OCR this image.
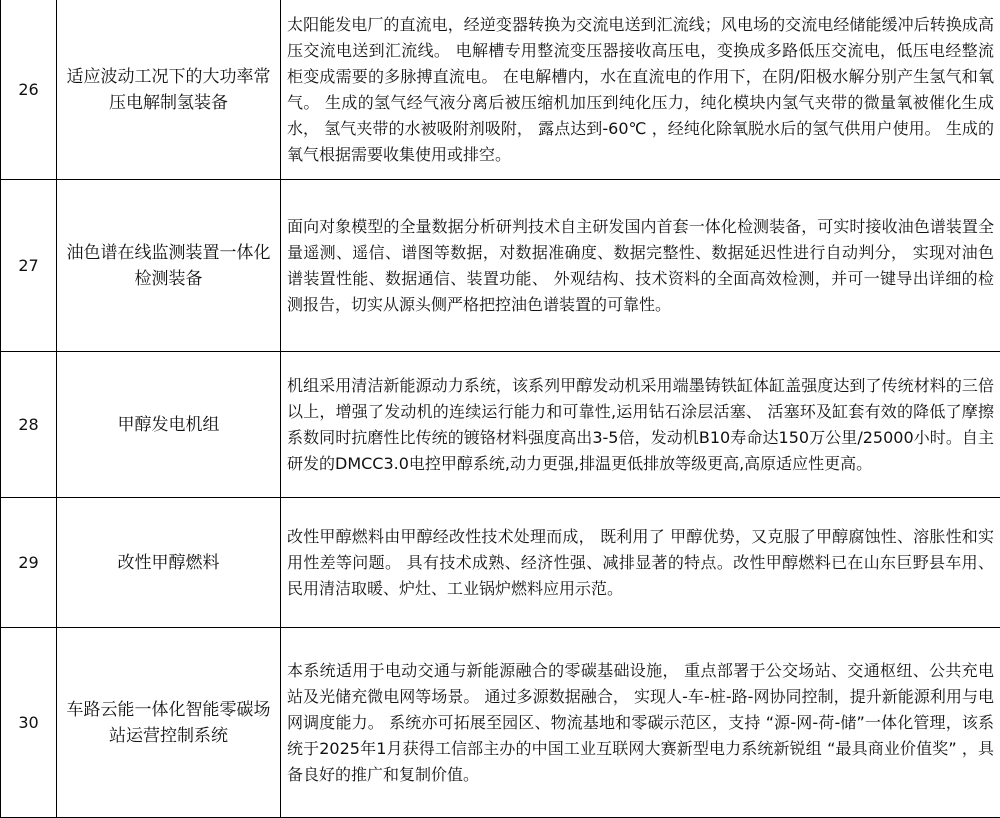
26	适应波动工况下的大功率常压电解制氢装备	太阳能发电厂的直流电，经逆变器转换为交流电送到汇流线；风电场的交流电经储能缓冲后转换成高压交流电送到汇流线。 电解槽专用整流变压器接收高压电，变换成多路低压交流电，低压电经整流柜变成需要的多脉搏直流电。 在电解槽内，水在直流电的作用下，在阴/阳极水解分别产生氢气和氧气。 生成的氢气经气液分离后被压缩机加压到纯化压力，纯化模块内氢气夹带的微量氧被催化生成水， 氢气夹带的水被吸附剂吸附， 露点达到-60℃ ，经纯化除氧脱水后的氢气供用户使用。 生成的氧气根据需要收集使用或排空。
27	油色谱在线监测装置一体化检测装备	面向对象模型的全量数据分析研判技术自主研发国内首套一体化检测装备，可实时接收油色谱装置全量遥测、遥信、谱图等数据，对数据准确度、数据完整性、数据延迟性进行自动判分， 实现对油色谱装置性能、数据通信、装置功能、 外观结构、技术资料的全面高效检测，并可一键导出详细的检测报告，切实从源头侧严格把控油色谱装置的可靠性。
28	甲醇发电机组	机组采用清洁新能源动力系统，该系列甲醇发动机采用端墨铸铁缸体缸盖强度达到了传统材料的三倍以上，增强了发动机的连续运行能力和可靠性,运用钻石涂层活塞、 活塞环及缸套有效的降低了摩擦系数同时抗磨性比传统的镀铬材料强度高出3-5倍，发动机B10寿命达150万公里/25000小时。自主研发的DMCC3.0电控甲醇系统,动力更强,排温更低排放等级更高,高原适应性更高。
29	改性甲醇燃料	改性甲醇燃料由甲醇经改性技术处理而成， 既利用了 甲醇优势，又克服了甲醇腐蚀性、溶胀性和实用性差等问题。 具有技术成熟、经济性强、减排显著的特点。改性甲醇燃料已在山东巨野县车用、 民用清洁取暖、炉灶、工业锅炉燃料应用示范。
30	车路云能一体化智能零碳场站运营控制系统	本系统适用于电动交通与新能源融合的零碳基础设施， 重点部署于公交场站、交通枢纽、公共充电站及光储充微电网等场景。 通过多源数据融合， 实现人-车-桩-路-网协同控制，提升新能源利用与电网调度能力。 系统亦可拓展至园区、物流基地和零碳示范区，支持 “源-网-荷-储”一体化管理，该系统于2025年1月获得工信部主办的中国工业互联网大赛新型电力系统新锐组 “最具商业价值奖” ，具备良好的推广和复制价值。
